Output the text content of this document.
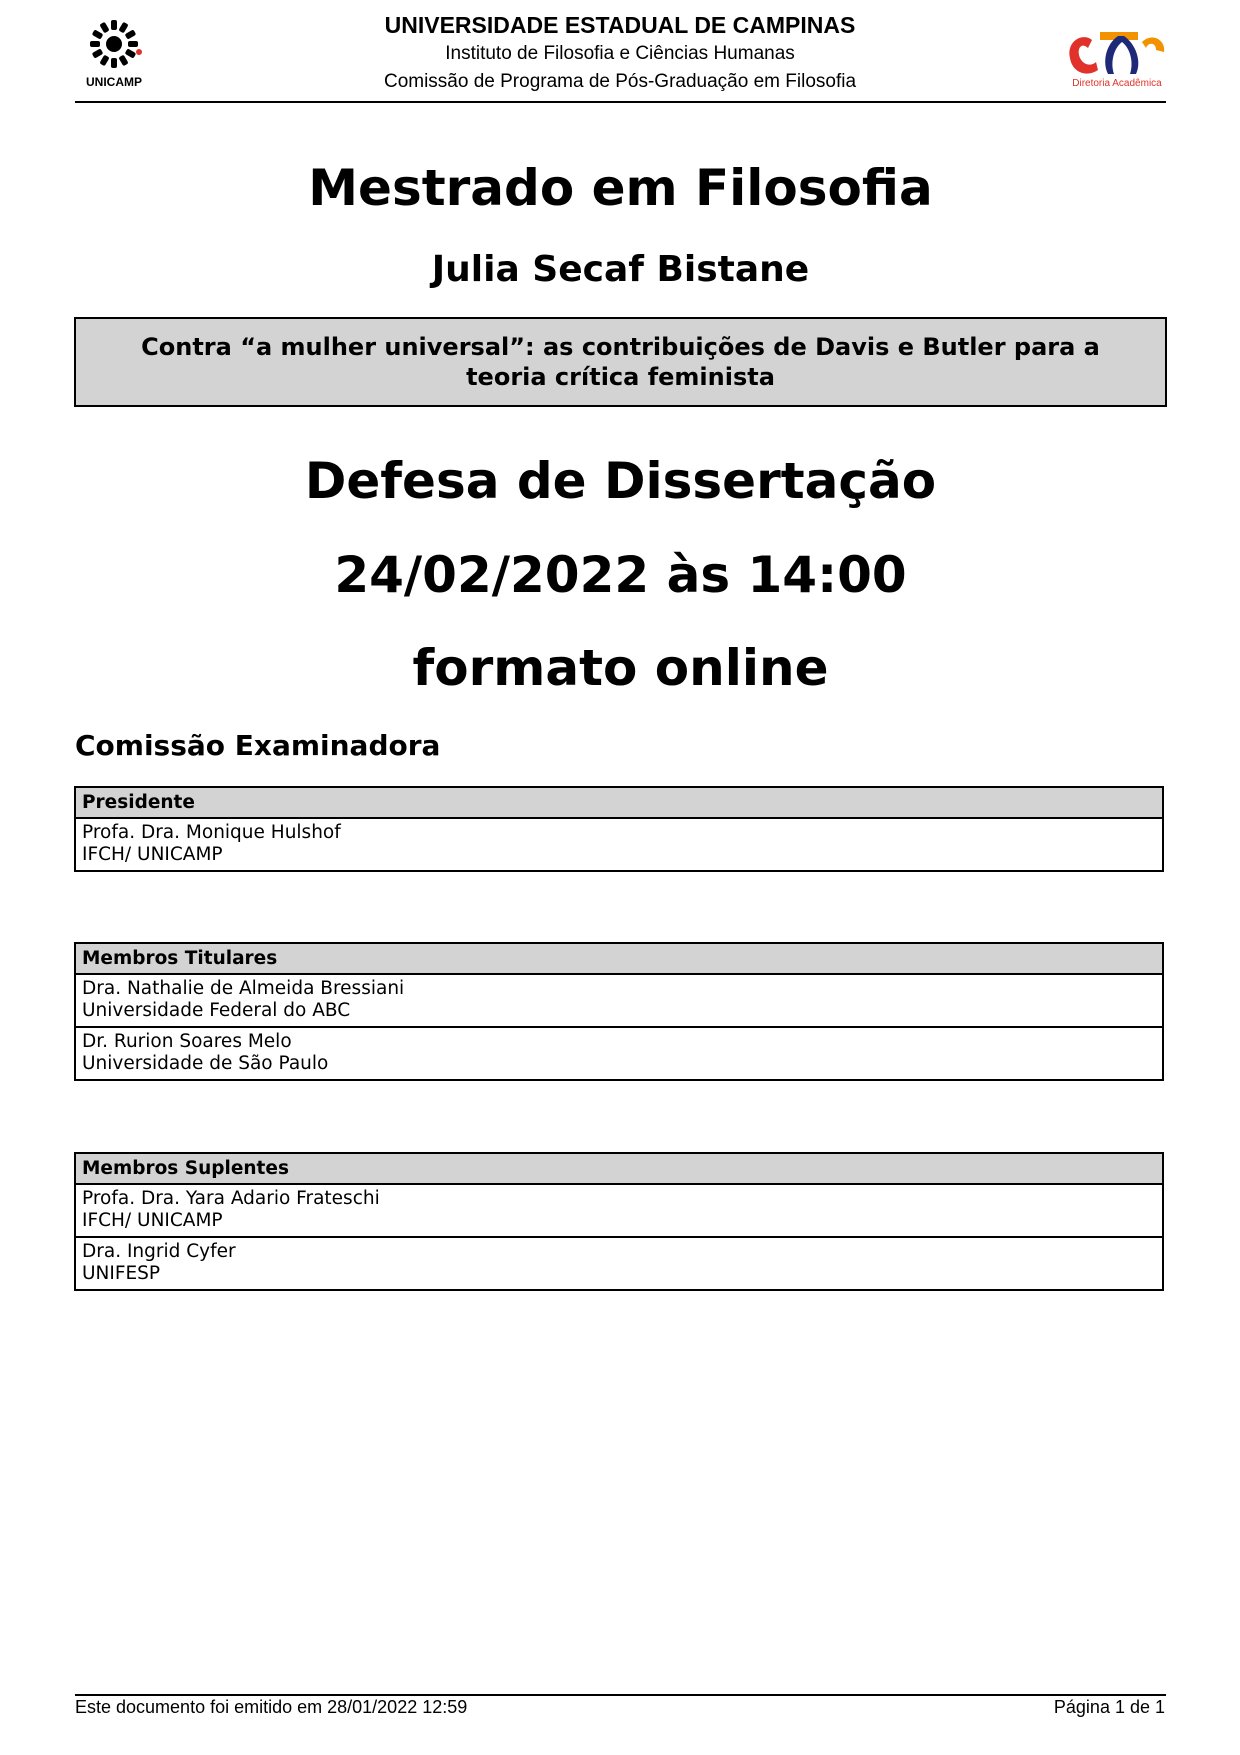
UNICAMP
UNIVERSIDADE ESTADUAL DE CAMPINAS
Instituto de Filosofia e Ciências Humanas
Comissão de Programa de Pós-Graduação em Filosofia	Diretoria Acadêmica
Mestrado em Filosofia
Julia Secaf Bistane
Contra “a mulher universal”: as contribuições de Davis e Butler para a teoria crítica feminista
Defesa de Dissertação
24/02/2022 às 14:00
formato online
Comissão Examinadora
Presidente
Profa. Dra. Monique Hulshof
IFCH/ UNICAMP
Membros Titulares
Dra. Nathalie de Almeida Bressiani
Universidade Federal do ABC
Dr. Rurion Soares Melo
Universidade de São Paulo
Membros Suplentes
Profa. Dra. Yara Adario Frateschi
IFCH/ UNICAMP
Dra. Ingrid Cyfer
UNIFESP
Este documento foi emitido em 28/01/2022 12:59	Página 1 de 1
